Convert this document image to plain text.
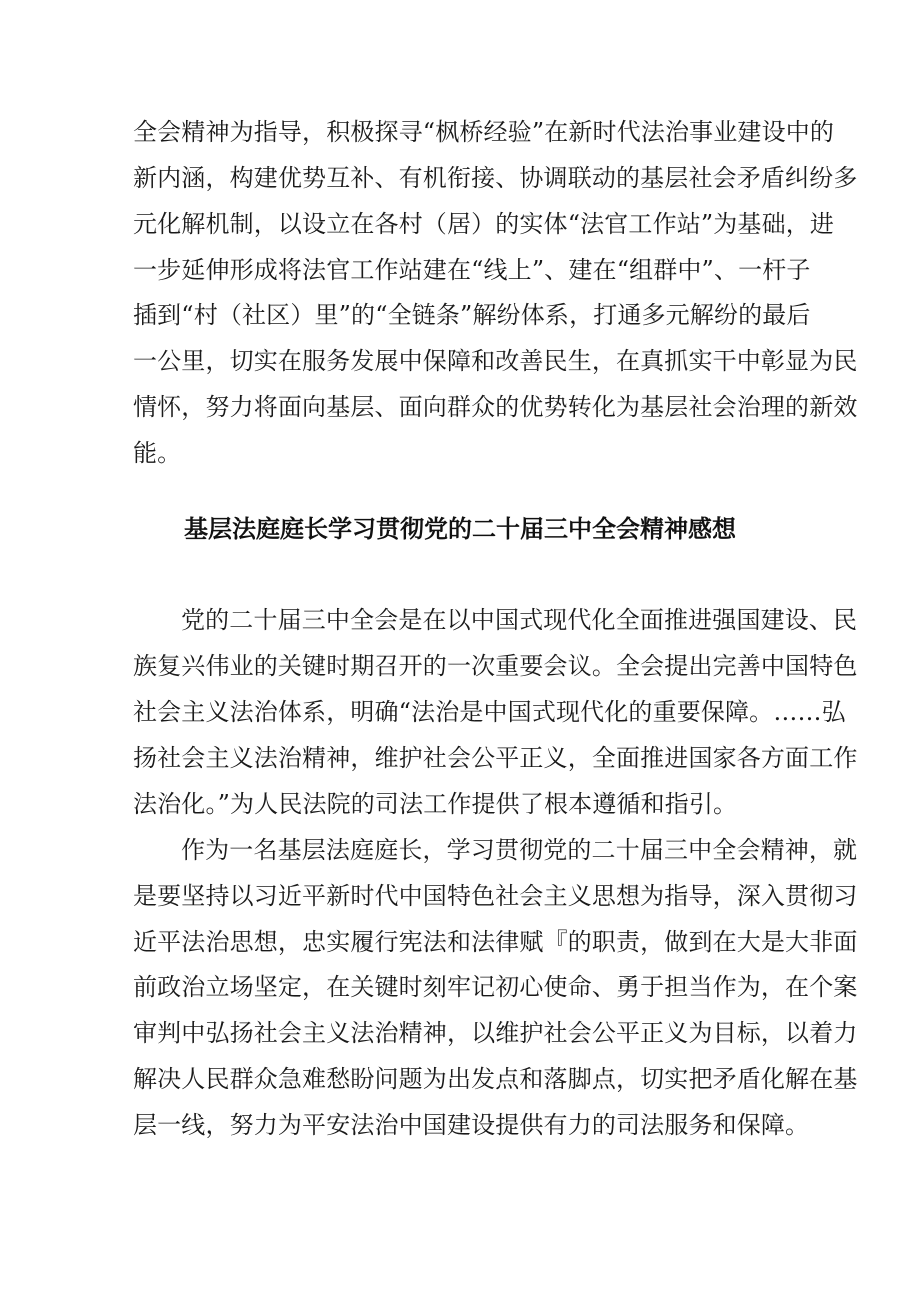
全会精神为指导，积极探寻“枫桥经验”在新时代法治事业建设中的
新内涵，构建优势互补、有机衔接、协调联动的基层社会矛盾纠纷多
元化解机制，以设立在各村（居）的实体“法官工作站”为基础，进
一步延伸形成将法官工作站建在“线上”、建在“组群中”、一杆子
插到“村（社区）里”的“全链条”解纷体系，打通多元解纷的最后
一公里，切实在服务发展中保障和改善民生，在真抓实干中彰显为民
情怀，努力将面向基层、面向群众的优势转化为基层社会治理的新效
能。
基层法庭庭长学习贯彻党的二十届三中全会精神感想
党的二十届三中全会是在以中国式现代化全面推进强国建设、民
族复兴伟业的关键时期召开的一次重要会议。全会提出完善中国特色
社会主义法治体系，明确“法治是中国式现代化的重要保障。……弘
扬社会主义法治精神，维护社会公平正义，全面推进国家各方面工作
法治化。”为人民法院的司法工作提供了根本遵循和指引。
作为一名基层法庭庭长，学习贯彻党的二十届三中全会精神，就
是要坚持以习近平新时代中国特色社会主义思想为指导，深入贯彻习
近平法治思想，忠实履行宪法和法律赋『的职责，做到在大是大非面
前政治立场坚定，在关键时刻牢记初心使命、勇于担当作为，在个案
审判中弘扬社会主义法治精神，以维护社会公平正义为目标，以着力
解决人民群众急难愁盼问题为出发点和落脚点，切实把矛盾化解在基
层一线，努力为平安法治中国建设提供有力的司法服务和保障。
